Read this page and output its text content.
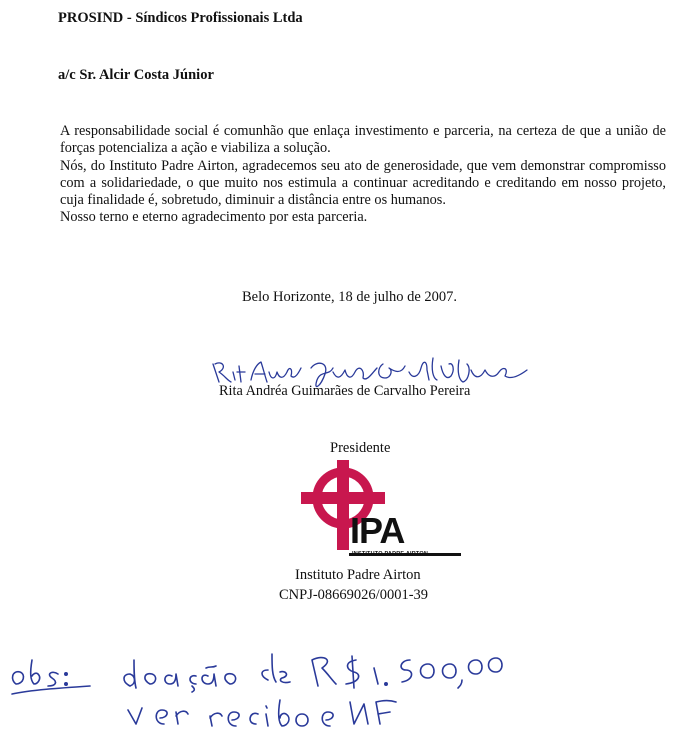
PROSIND - Síndicos Profissionais Ltda
a/c Sr. Alcir Costa Júnior

A responsabilidade social é comunhão que enlaça investimento e parceria, na certeza de que a união de forças potencializa a ação e viabiliza a solução.

Nós, do Instituto Padre Airton, agradecemos seu ato de generosidade, que vem demonstrar compromisso com a solidariedade, o que muito nos estimula a continuar acreditando e creditando em nosso projeto, cuja finalidade é, sobretudo, diminuir a distância entre os humanos.

Nosso terno e eterno agradecimento por esta parceria.

Belo Horizonte, 18 de julho de 2007.
Rita Andréa Guimarães de Carvalho Pereira
Presidente
IPA
INSTITUTO PADRE AIRTON
Instituto Padre Airton
CNPJ-08669026/0001-39
